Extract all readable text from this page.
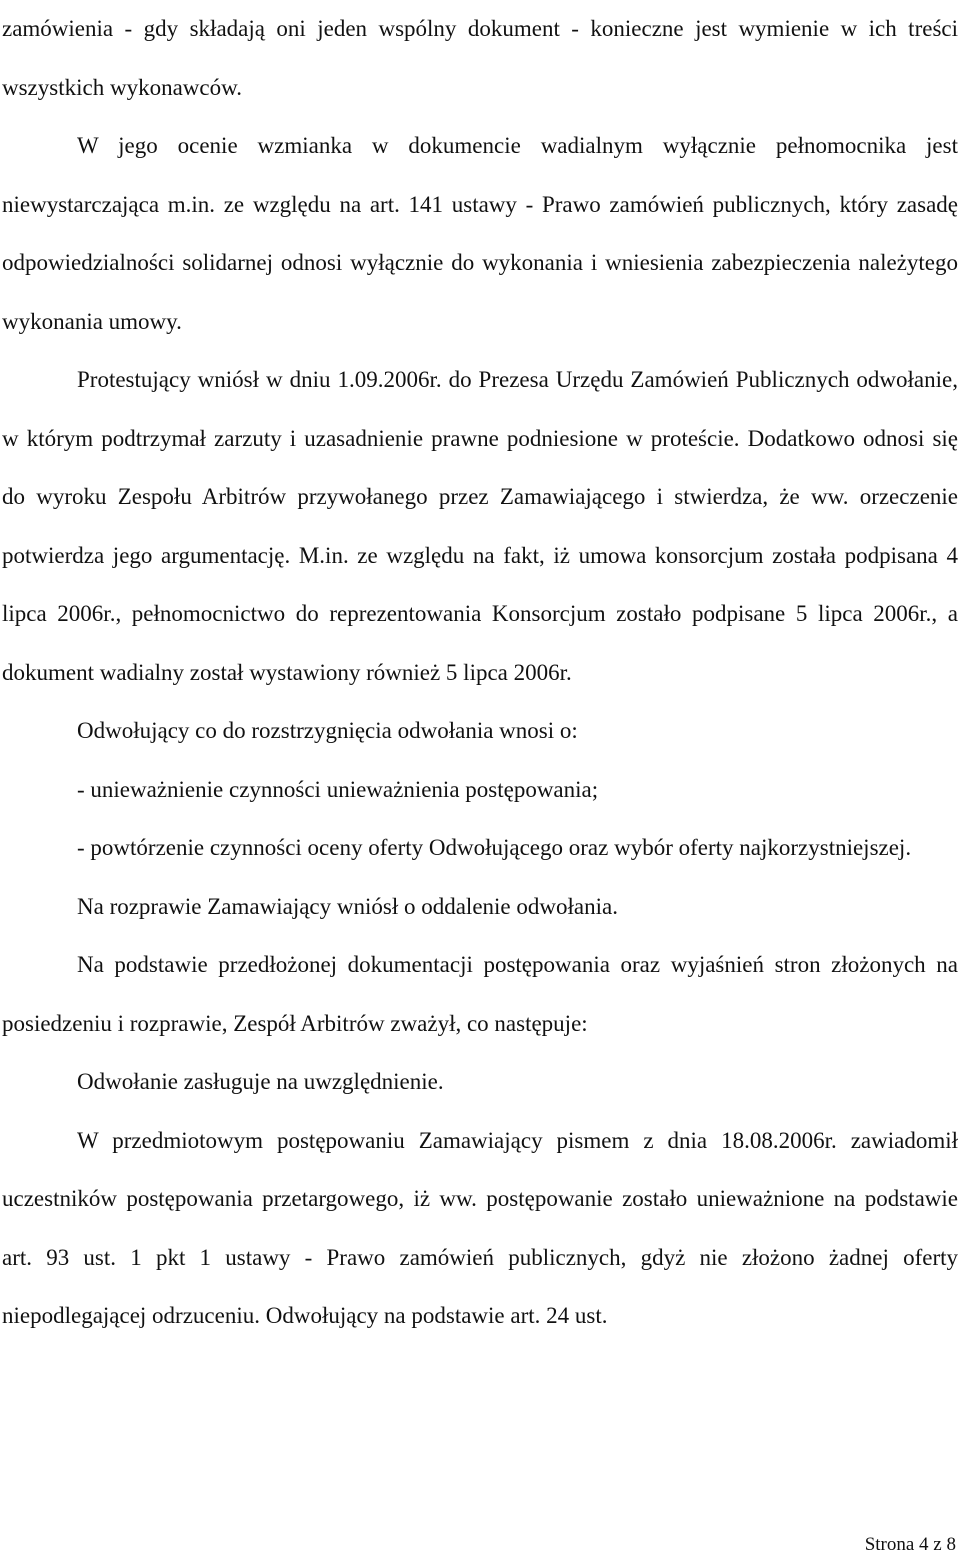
zamówienia - gdy składają oni jeden wspólny dokument - konieczne jest wymienie w ich treści wszystkich wykonawców.

W jego ocenie wzmianka w dokumencie wadialnym wyłącznie pełnomocnika jest niewystarczająca m.in. ze względu na art. 141 ustawy - Prawo zamówień publicznych, który zasadę odpowiedzialności solidarnej odnosi wyłącznie do wykonania i wniesienia zabezpieczenia należytego wykonania umowy.

Protestujący wniósł w dniu 1.09.2006r. do Prezesa Urzędu Zamówień Publicznych odwołanie, w którym podtrzymał zarzuty i uzasadnienie prawne podniesione w proteście. Dodatkowo odnosi się do wyroku Zespołu Arbitrów przywołanego przez Zamawiającego i stwierdza, że ww. orzeczenie potwierdza jego argumentację. M.in. ze względu na fakt, iż umowa konsorcjum została podpisana 4 lipca 2006r., pełnomocnictwo do reprezentowania Konsorcjum zostało podpisane 5 lipca 2006r., a dokument wadialny został wystawiony również 5 lipca 2006r.

Odwołujący co do rozstrzygnięcia odwołania wnosi o:

- unieważnienie czynności unieważnienia postępowania;

- powtórzenie czynności oceny oferty Odwołującego oraz wybór oferty najkorzystniejszej.

Na rozprawie Zamawiający wniósł o oddalenie odwołania.

Na podstawie przedłożonej dokumentacji postępowania oraz wyjaśnień stron złożonych na posiedzeniu i rozprawie, Zespół Arbitrów zważył, co następuje:

Odwołanie zasługuje na uwzględnienie.

W przedmiotowym postępowaniu Zamawiający pismem z dnia 18.08.2006r. zawiadomił uczestników postępowania przetargowego, iż ww. postępowanie zostało unieważnione na podstawie art. 93 ust. 1 pkt 1 ustawy - Prawo zamówień publicznych, gdyż nie złożono żadnej oferty niepodlegającej odrzuceniu. Odwołujący na podstawie art. 24 ust.

Strona 4 z 8
